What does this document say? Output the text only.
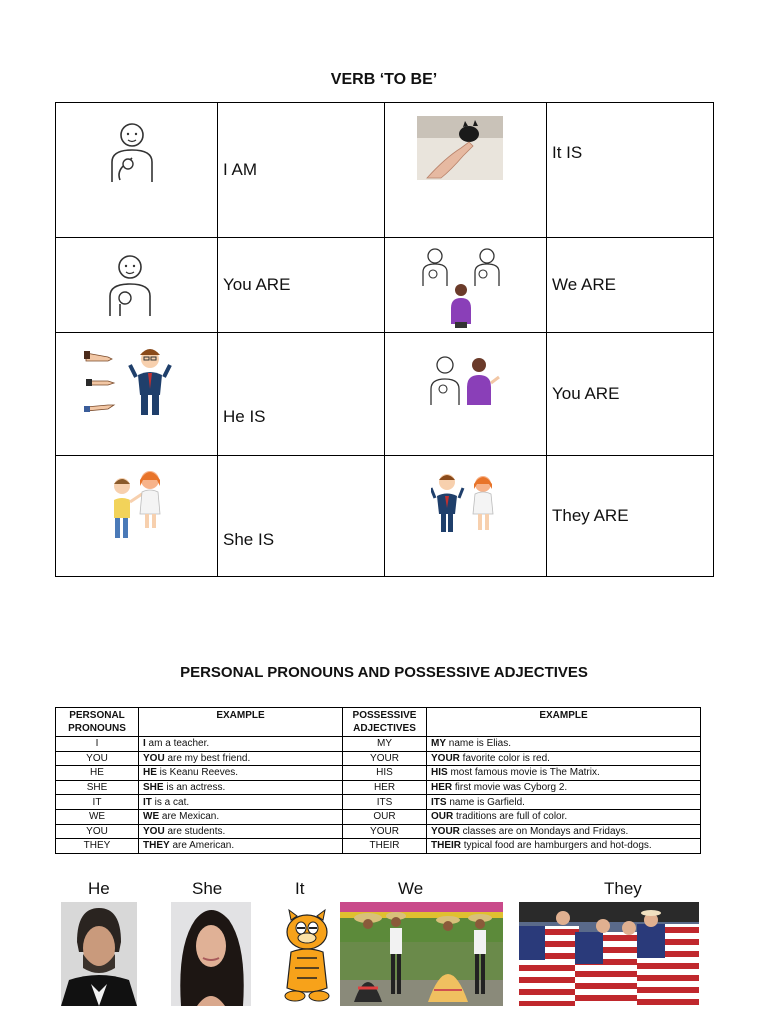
VERB ‘TO BE’
	I AM		It IS

	You ARE		We ARE

	He IS		You ARE

	She IS		They ARE
PERSONAL PRONOUNS AND POSSESSIVE ADJECTIVES
PERSONAL PRONOUNS	EXAMPLE	POSSESSIVE ADJECTIVES	EXAMPLE
I	I am a teacher.	MY	MY name is Elias.
YOU	YOU are my best friend.	YOUR	YOUR favorite color is red.
HE	HE is Keanu Reeves.	HIS	HIS most famous movie is The Matrix.
SHE	SHE is an actress.	HER	HER first movie was Cyborg 2.
IT	IT is a cat.	ITS	ITS name is Garfield.
WE	WE are Mexican.	OUR	OUR traditions are full of color.
YOU	YOU are students.	YOUR	YOUR classes are on Mondays and Fridays.
THEY	THEY are American.	THEIR	THEIR typical food are hamburgers and hot-dogs.
He	She	It	We	They
